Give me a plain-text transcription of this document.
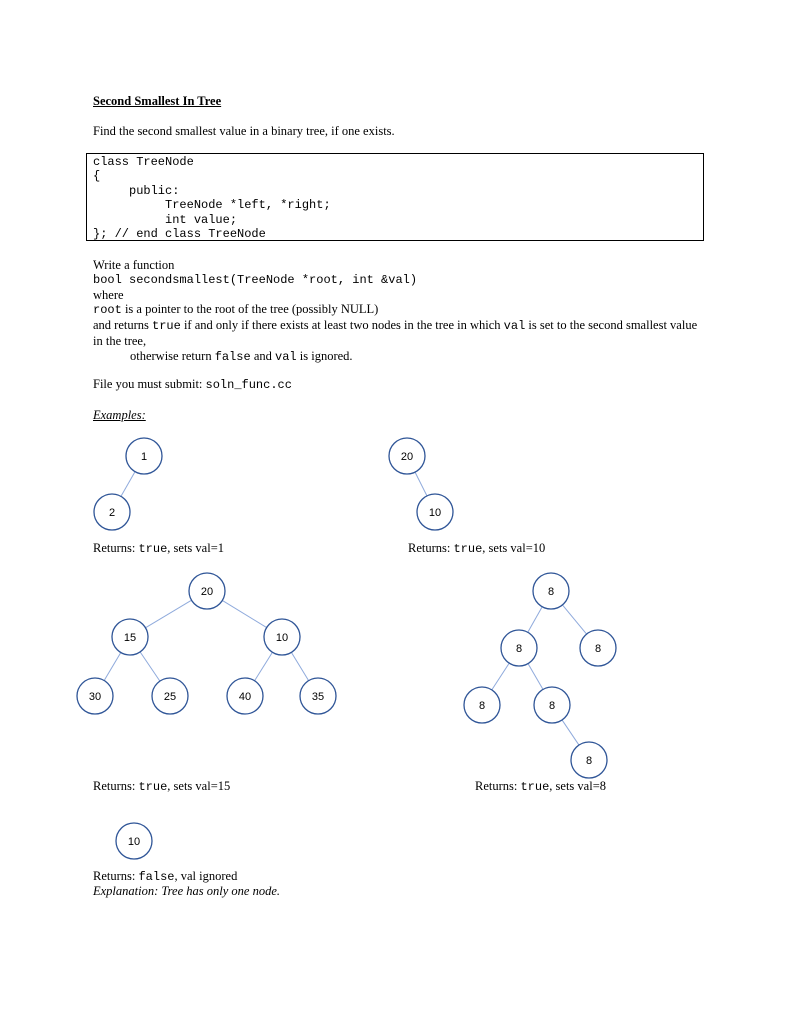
Second Smallest In Tree
Find the second smallest value in a binary tree, if one exists.
class TreeNode
{
public:
TreeNode *left, *right;
int value;
}; // end class TreeNode

Write a function

bool secondsmallest(TreeNode *root, int &val)

where

root is a pointer to the root of the tree (possibly NULL)

and returns true if and only if there exists at least two nodes in the tree in which val is set to the second smallest value in the tree,

otherwise return false and val is ignored.

File you must submit: soln_func.cc
Examples:
1
2
20
10
20
15	10
30	25	40	35
8
8	8
8	8
8
10
Returns: true, sets val=1	Returns: true, sets val=10
Returns: true, sets val=15	Returns: true, sets val=8
Returns: false, val ignored
Explanation: Tree has only one node.
